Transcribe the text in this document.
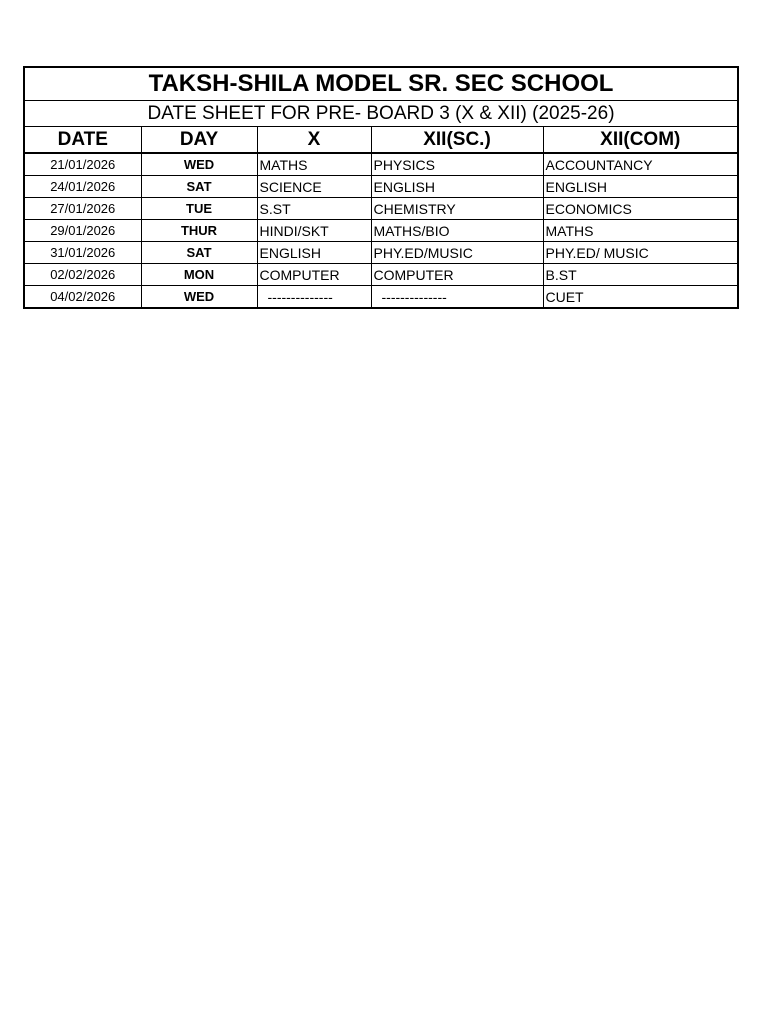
TAKSH-SHILA MODEL SR. SEC SCHOOL				
DATE SHEET FOR PRE- BOARD 3 (X & XII) (2025-26)				
DATE	DAY	X	XII(SC.)	XII(COM)
21/01/2026	WED	MATHS	PHYSICS	ACCOUNTANCY
24/01/2026	SAT	SCIENCE	ENGLISH	ENGLISH
27/01/2026	TUE	S.ST	CHEMISTRY	ECONOMICS
29/01/2026	THUR	HINDI/SKT	MATHS/BIO	MATHS
31/01/2026	SAT	ENGLISH	PHY.ED/MUSIC	PHY.ED/ MUSIC
02/02/2026	MON	COMPUTER	COMPUTER	B.ST
04/02/2026	WED	--------------	--------------	CUET
